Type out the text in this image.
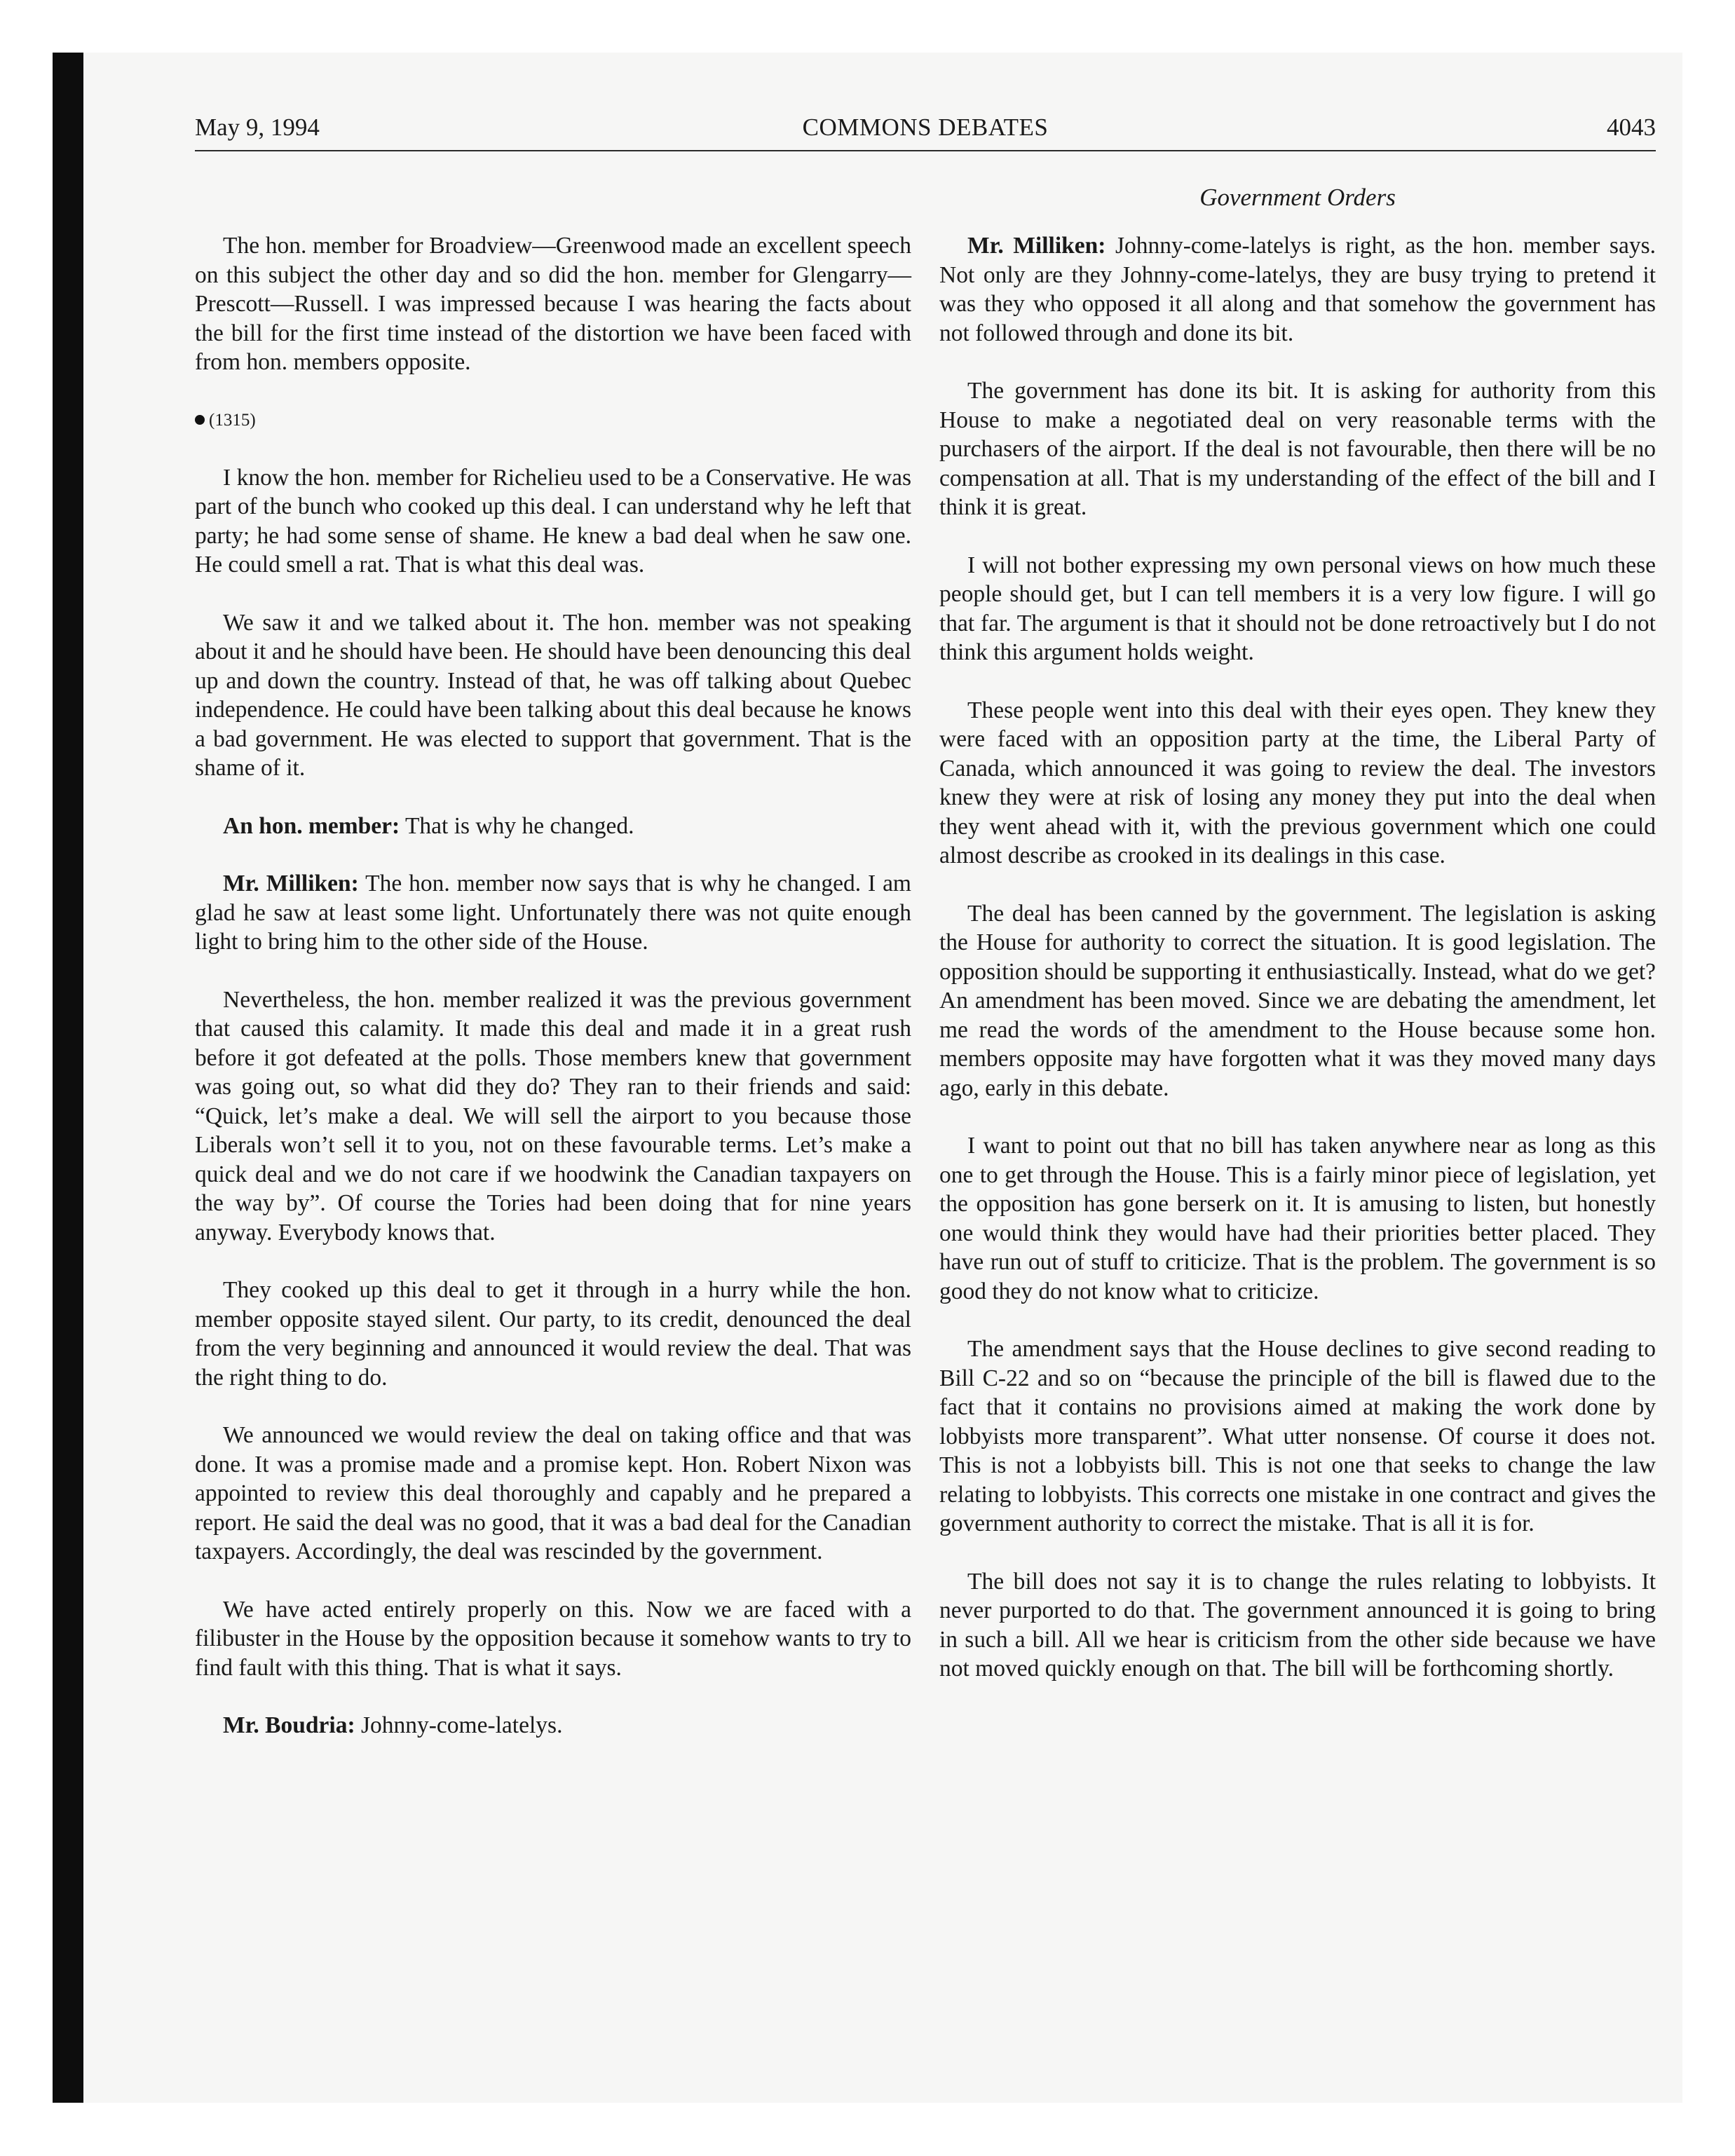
May 9, 1994	COMMONS DEBATES	4043
Government Orders

The hon. member for Broadview—Greenwood made an excellent speech on this subject the other day and so did the hon. member for Glengarry—Prescott—Russell. I was impressed because I was hearing the facts about the bill for the first time instead of the distortion we have been faced with from hon. members opposite.

(1315)

I know the hon. member for Richelieu used to be a Conservative. He was part of the bunch who cooked up this deal. I can understand why he left that party; he had some sense of shame. He knew a bad deal when he saw one. He could smell a rat. That is what this deal was.

We saw it and we talked about it. The hon. member was not speaking about it and he should have been. He should have been denouncing this deal up and down the country. Instead of that, he was off talking about Quebec independence. He could have been talking about this deal because he knows a bad government. He was elected to support that government. That is the shame of it.

An hon. member: That is why he changed.

Mr. Milliken: The hon. member now says that is why he changed. I am glad he saw at least some light. Unfortunately there was not quite enough light to bring him to the other side of the House.

Nevertheless, the hon. member realized it was the previous government that caused this calamity. It made this deal and made it in a great rush before it got defeated at the polls. Those members knew that government was going out, so what did they do? They ran to their friends and said: “Quick, let’s make a deal. We will sell the airport to you because those Liberals won’t sell it to you, not on these favourable terms. Let’s make a quick deal and we do not care if we hoodwink the Canadian taxpayers on the way by”. Of course the Tories had been doing that for nine years anyway. Everybody knows that.

They cooked up this deal to get it through in a hurry while the hon. member opposite stayed silent. Our party, to its credit, denounced the deal from the very beginning and announced it would review the deal. That was the right thing to do.

We announced we would review the deal on taking office and that was done. It was a promise made and a promise kept. Hon. Robert Nixon was appointed to review this deal thoroughly and capably and he prepared a report. He said the deal was no good, that it was a bad deal for the Canadian taxpayers. Accordingly, the deal was rescinded by the government.

We have acted entirely properly on this. Now we are faced with a filibuster in the House by the opposition because it somehow wants to try to find fault with this thing. That is what it says.

Mr. Boudria: Johnny-come-latelys.

Mr. Milliken: Johnny-come-latelys is right, as the hon. member says. Not only are they Johnny-come-latelys, they are busy trying to pretend it was they who opposed it all along and that somehow the government has not followed through and done its bit.

The government has done its bit. It is asking for authority from this House to make a negotiated deal on very reasonable terms with the purchasers of the airport. If the deal is not favourable, then there will be no compensation at all. That is my understanding of the effect of the bill and I think it is great.

I will not bother expressing my own personal views on how much these people should get, but I can tell members it is a very low figure. I will go that far. The argument is that it should not be done retroactively but I do not think this argument holds weight.

These people went into this deal with their eyes open. They knew they were faced with an opposition party at the time, the Liberal Party of Canada, which announced it was going to review the deal. The investors knew they were at risk of losing any money they put into the deal when they went ahead with it, with the previous government which one could almost describe as crooked in its dealings in this case.

The deal has been canned by the government. The legislation is asking the House for authority to correct the situation. It is good legislation. The opposition should be supporting it enthusiastically. Instead, what do we get? An amendment has been moved. Since we are debating the amendment, let me read the words of the amendment to the House because some hon. members opposite may have forgotten what it was they moved many days ago, early in this debate.

I want to point out that no bill has taken anywhere near as long as this one to get through the House. This is a fairly minor piece of legislation, yet the opposition has gone berserk on it. It is amusing to listen, but honestly one would think they would have had their priorities better placed. They have run out of stuff to criticize. That is the problem. The government is so good they do not know what to criticize.

The amendment says that the House declines to give second reading to Bill C-22 and so on “because the principle of the bill is flawed due to the fact that it contains no provisions aimed at making the work done by lobbyists more transparent”. What utter nonsense. Of course it does not. This is not a lobbyists bill. This is not one that seeks to change the law relating to lobbyists. This corrects one mistake in one contract and gives the government authority to correct the mistake. That is all it is for.

The bill does not say it is to change the rules relating to lobbyists. It never purported to do that. The government announced it is going to bring in such a bill. All we hear is criticism from the other side because we have not moved quickly enough on that. The bill will be forthcoming shortly.
